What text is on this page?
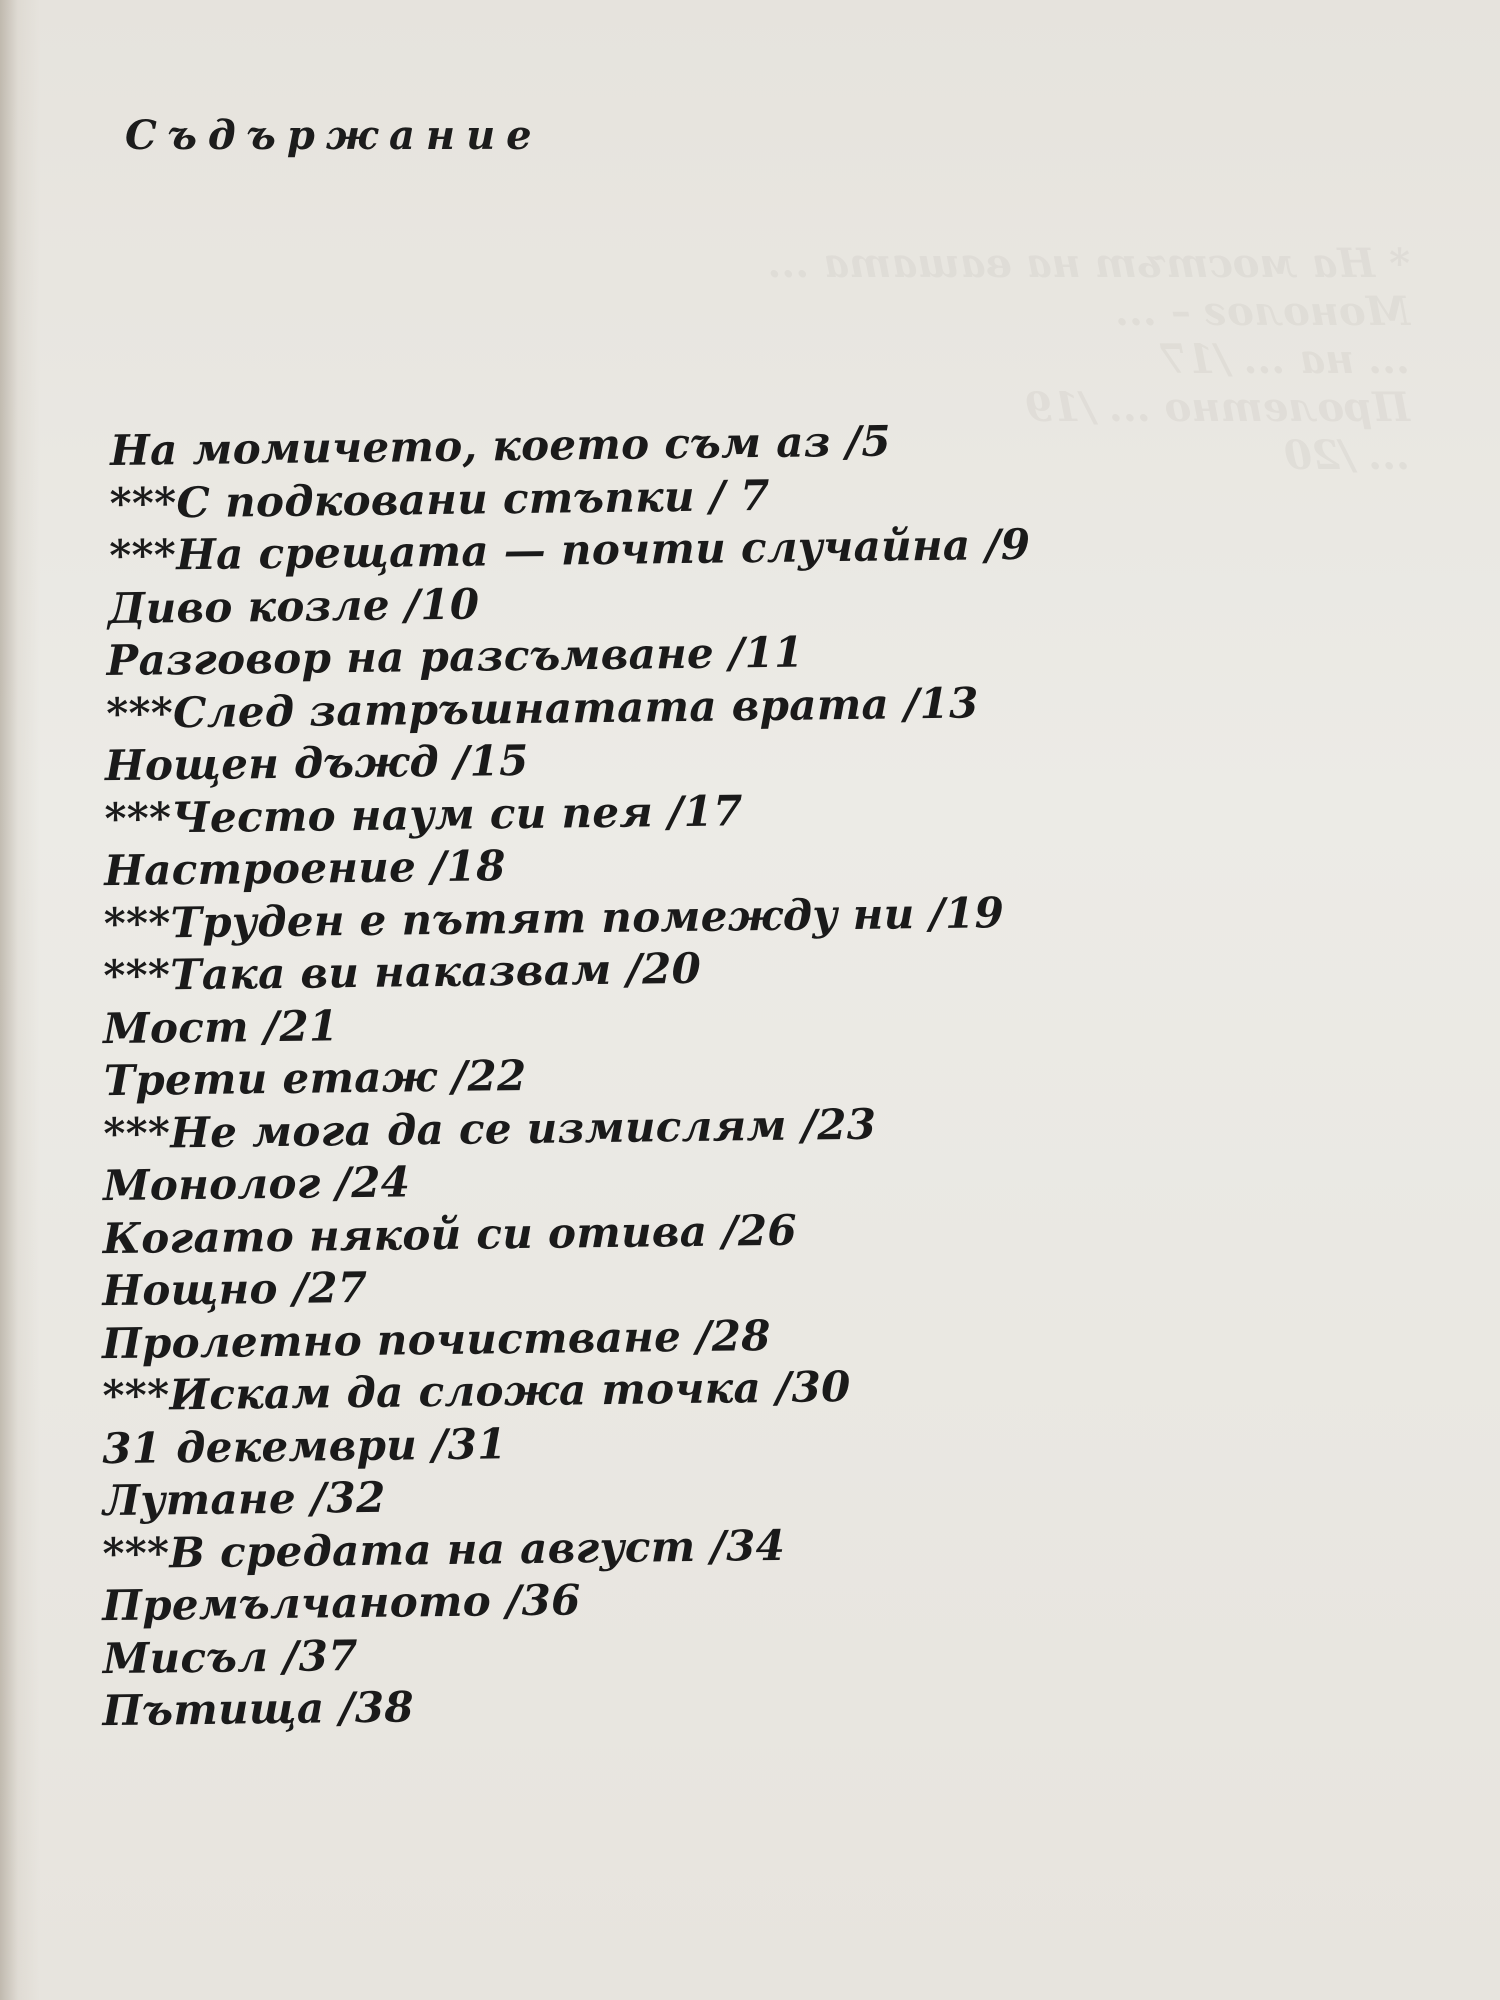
* На мостът на вашата ...
Монолог – ...
... на ... /17
Пролетно ... /19
... /20
Съдържание
На момичето, което съм аз /5
***С подковани стъпки / 7
***На срещата — почти случайна /9
Диво козле /10
Разговор на разсъмване /11
***След затръшнатата врата /13
Нощен дъжд /15
***Често наум си пея /17
Настроение /18
***Труден е пътят помежду ни /19
***Така ви наказвам /20
Мост /21
Трети етаж /22
***Не мога да се измислям /23
Монолог /24
Когато някой си отива /26
Нощно /27
Пролетно почистване /28
***Искам да сложа точка /30
31 декември /31
Лутане /32
***В средата на август /34
Премълчаното /36
Мисъл /37
Пътища /38
